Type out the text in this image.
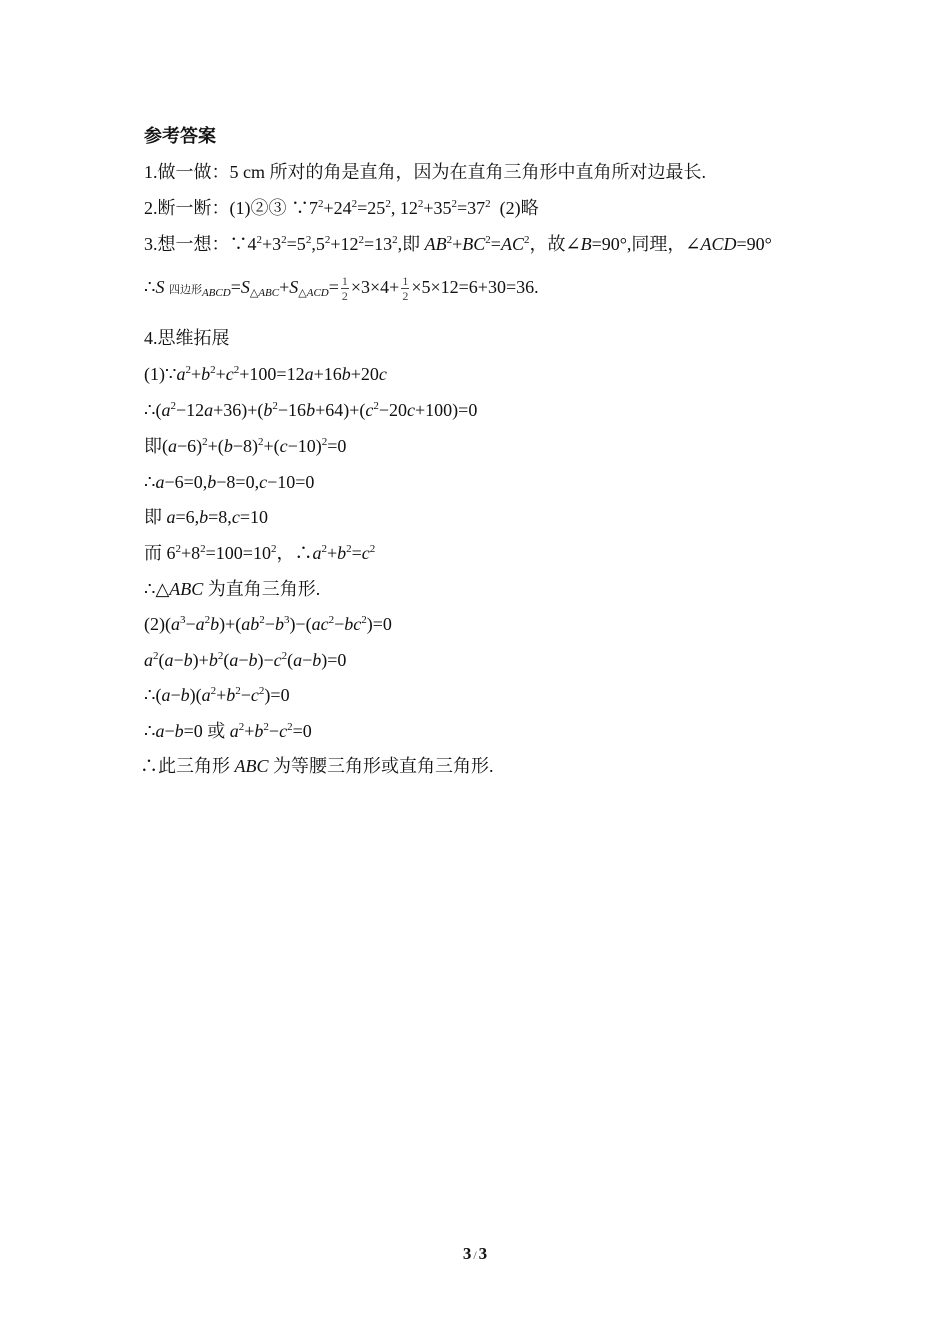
参考答案
1.做一做：5 cm 所对的角是直角，因为在直角三角形中直角所对边最长.
2.断一断：(1)②③ $\because 7^2+24^2=25^2$, $12^2+35^2=37^2$ (2)略
3.想一想：$\because 4^2+3^2=5^2,5^2+12^2=13^2$,即 $AB^2+BC^2=AC^2$，故∠B=90°,同理，∠ACD=90°
∴S 四边形$_{ABCD}=S_{\triangle ABC}+S_{\triangle ACD}= \frac{1}{2} \times 3\times 4+ \frac{1}{2} \times 5\times 12=6+30=36$.
4.思维拓展
$(1)\because a^2+b^2+c^2+100=12a+16b+20c$
$\therefore(a^2-12a+36)+(b^2-16b+64)+(c^2-20c+100)=0$
即$(a-6)^2+(b-8)^2+(c-10)^2=0$
∴a−6=0,b−8=0,c−10=0
即 a=6,b=8,c=10
而 $6^2+8^2=100=10^2$，$\therefore a^2+b^2=c^2$
∴△ABC 为直角三角形.
$(2)(a^3-a^2b)+(ab^2-b^3)-(ac^2-bc^2)=0$
$a^2(a-b)+b^2(a-b)-c^2(a-b)=0$
$\therefore(a-b)(a^2+b^2-c^2)=0$
∴a−b=0 或 $a^2+b^2-c^2=0$
∴此三角形 ABC 为等腰三角形或直角三角形.
3 / 3
